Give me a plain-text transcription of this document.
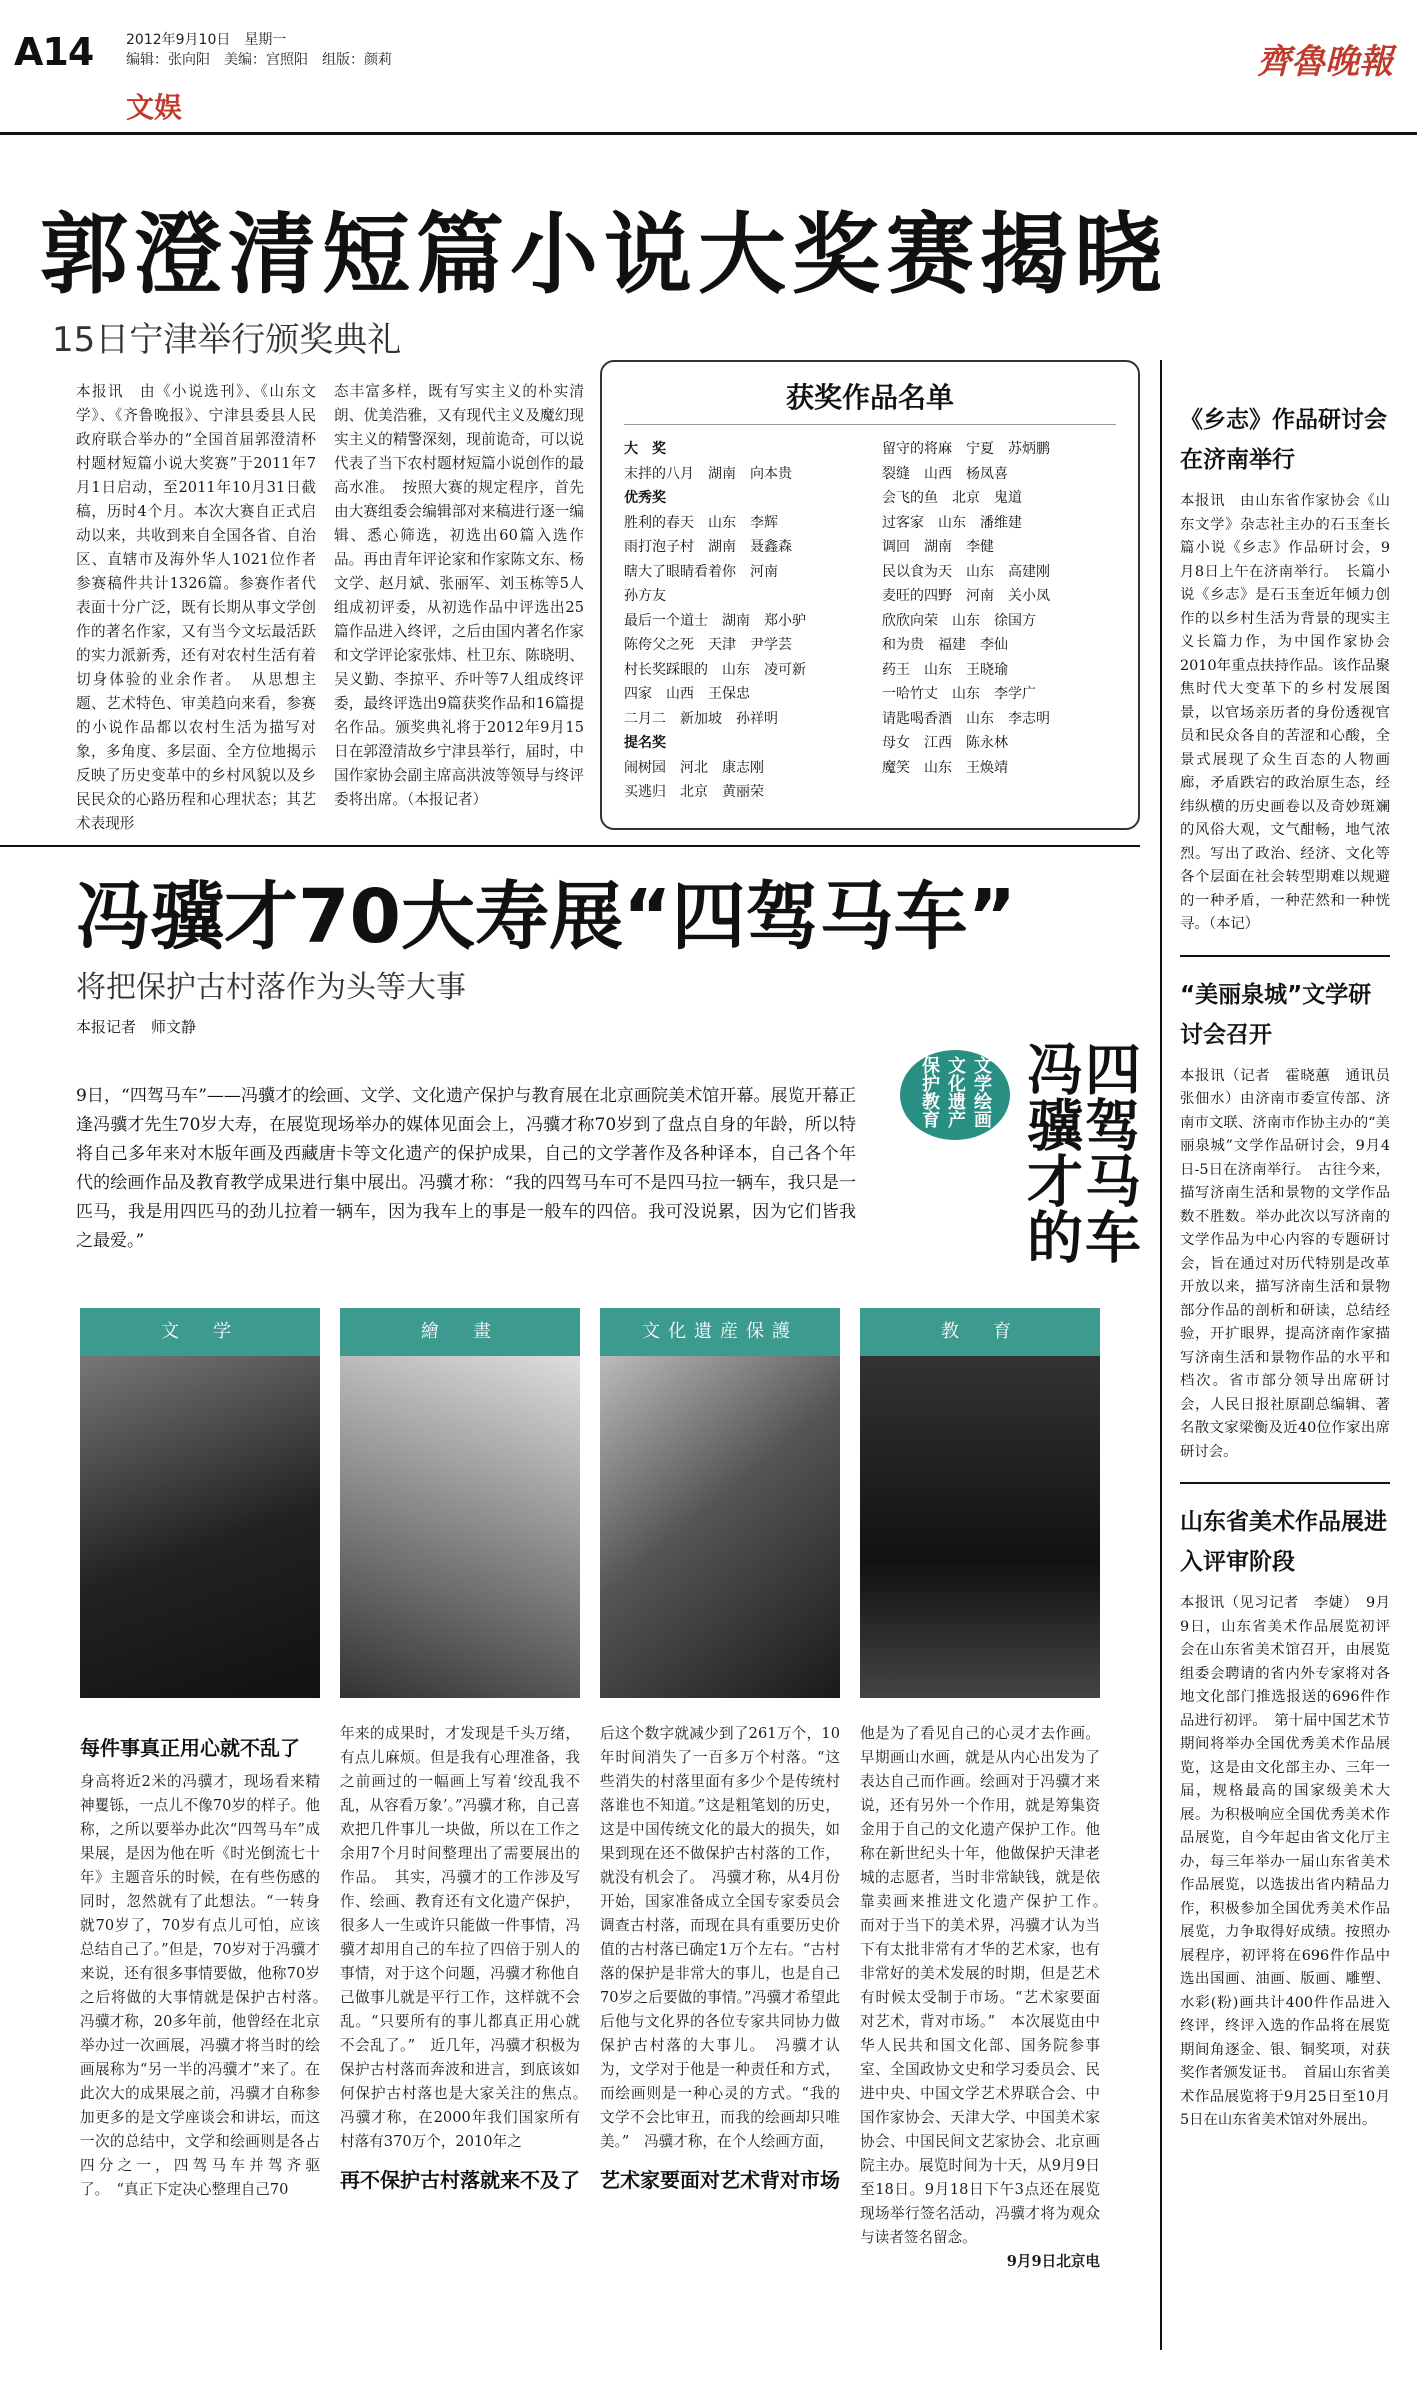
A14 2012年9月10日　星期一
编辑：张向阳　美编：宫照阳　组版：颜莉
文娱
齊魯晚報
郭澄清短篇小说大奖赛揭晓
15日宁津举行颁奖典礼
本报讯　由《小说选刊》、《山东文学》、《齐鲁晚报》、宁津县委县人民政府联合举办的“全国首届郭澄清杯村题材短篇小说大奖赛”于2011年7月1日启动，至2011年10月31日截稿，历时4个月。本次大赛自正式启动以来，共收到来自全国各省、自治区、直辖市及海外华人1021位作者参赛稿件共计1326篇。参赛作者代表面十分广泛，既有长期从事文学创作的著名作家，又有当今文坛最活跃的实力派新秀，还有对农村生活有着切身体验的业余作者。　从思想主题、艺术特色、审美趋向来看，参赛的小说作品都以农村生活为描写对象，多角度、多层面、全方位地揭示反映了历史变革中的乡村风貌以及乡民民众的心路历程和心理状态；其艺术表现形
态丰富多样，既有写实主义的朴实清朗、优美浩雅，又有现代主义及魔幻现实主义的精警深刻，现前诡奇，可以说代表了当下农村题材短篇小说创作的最高水准。　按照大赛的规定程序，首先由大赛组委会编辑部对来稿进行逐一编辑、悉心筛选，初选出60篇入选作品。再由青年评论家和作家陈文东、杨文学、赵月斌、张丽军、刘玉栋等5人组成初评委，从初选作品中评选出25篇作品进入终评，之后由国内著名作家和文学评论家张炜、杜卫东、陈晓明、吴义勤、李掠平、乔叶等7人组成终评委，最终评选出9篇获奖作品和16篇提名作品。颁奖典礼将于2012年9月15日在郭澄清故乡宁津县举行，届时，中国作家协会副主席高洪波等领导与终评委将出席。（本报记者）
获奖作品名单
大　奖
末拌的八月　湖南　向本贵
优秀奖
胜利的春天　山东　李辉
雨打泡子村　湖南　聂鑫森
瞎大了眼睛看着你　河南
孙方友
最后一个道士　湖南　郑小驴
陈侉父之死　天津　尹学芸
村长奖踩眼的　山东　凌可新
四家　山西　王保忠
二月二　新加坡　孙祥明
提名奖
闹树园　河北　康志刚
买逃归　北京　黄丽荣
留守的将麻　宁夏　苏炳鹏
裂缝　山西　杨凤喜
会飞的鱼　北京　鬼道
过客家　山东　潘维建
调回　湖南　李健
民以食为天　山东　高建刚
麦旺的四野　河南　关小凤
欣欣向荣　山东　徐国方
和为贵　福建　李仙
药王　山东　王晓瑜
一哈竹丈　山东　李学广
请匙喝香酒　山东　李志明
母女　江西　陈永林
魔笑　山东　王焕靖
冯骥才70大寿展“四驾马车”
将把保护古村落作为头等大事
本报记者　师文静
9日，“四驾马车”——冯骥才的绘画、文学、文化遗产保护与教育展在北京画院美术馆开幕。展览开幕正逢冯骥才先生70岁大寿，在展览现场举办的媒体见面会上，冯骥才称70岁到了盘点自身的年龄，所以特将自己多年来对木版年画及西藏唐卡等文化遗产的保护成果，自己的文学著作及各种译本，自己各个年代的绘画作品及教育教学成果进行集中展出。冯骥才称：“我的四驾马车可不是四马拉一辆车，我只是一匹马，我是用四匹马的劲儿拉着一辆车，因为我车上的事是一般车的四倍。我可没说累，因为它们皆我之最爱。”
文学绘画文化遗产保护教育	四驾马车 冯骥才的
文　学	繪　畫	文化遺産保護	教　育
每件事真正用心就不乱了
身高将近2米的冯骥才，现场看来精神矍铄，一点儿不像70岁的样子。他称，之所以要举办此次“四驾马车”成果展，是因为他在听《时光倒流七十年》主题音乐的时候，在有些伤感的同时，忽然就有了此想法。“一转身就70岁了，70岁有点儿可怕，应该总结自己了。”但是，70岁对于冯骥才来说，还有很多事情要做，他称70岁之后将做的大事情就是保护古村落。　冯骥才称，20多年前，他曾经在北京举办过一次画展，冯骥才将当时的绘画展称为“另一半的冯骥才”来了。在此次大的成果展之前，冯骥才自称参加更多的是文学座谈会和讲坛，而这一次的总结中，文学和绘画则是各占四分之一，四驾马车并驾齐驱了。　“真正下定决心整理自己70
年来的成果时，才发现是千头万绪，有点儿麻烦。但是我有心理准备，我之前画过的一幅画上写着‘绞乱我不乱，从容看万象’。”冯骥才称，自己喜欢把几件事儿一块做，所以在工作之余用7个月时间整理出了需要展出的作品。　其实，冯骥才的工作涉及写作、绘画、教育还有文化遗产保护，很多人一生或许只能做一件事情，冯骥才却用自己的车拉了四倍于别人的事情，对于这个问题，冯骥才称他自己做事儿就是平行工作，这样就不会乱。“只要所有的事儿都真正用心就不会乱了。”　近几年，冯骥才积极为保护古村落而奔波和进言，到底该如何保护古村落也是大家关注的焦点。　冯骥才称，在2000年我们国家所有村落有370万个，2010年之
再不保护古村落就来不及了
后这个数字就减少到了261万个，10年时间消失了一百多万个村落。“这些消失的村落里面有多少个是传统村落谁也不知道。”这是粗笔划的历史，这是中国传统文化的最大的损失，如果到现在还不做保护古村落的工作，就没有机会了。　冯骥才称，从4月份开始，国家准备成立全国专家委员会调查古村落，而现在具有重要历史价值的古村落已确定1万个左右。“古村落的保护是非常大的事儿，也是自己70岁之后要做的事情。”冯骥才希望此后他与文化界的各位专家共同协力做保护古村落的大事儿。　冯骥才认为，文学对于他是一种责任和方式，而绘画则是一种心灵的方式。“我的文学不会比审丑，而我的绘画却只唯美。”　冯骥才称，在个人绘画方面，
艺术家要面对艺术背对市场
他是为了看见自己的心灵才去作画。早期画山水画，就是从内心出发为了表达自己而作画。绘画对于冯骥才来说，还有另外一个作用，就是筹集资金用于自己的文化遗产保护工作。他称在新世纪头十年，他做保护天津老城的志愿者，当时非常缺钱，就是依靠卖画来推进文化遗产保护工作。　而对于当下的美术界，冯骥才认为当下有太批非常有才华的艺术家，也有非常好的美术发展的时期，但是艺术有时候太受制于市场。“艺术家要面对艺术，背对市场。”　本次展览由中华人民共和国文化部、国务院参事室、全国政协文史和学习委员会、民进中央、中国文学艺术界联合会、中国作家协会、天津大学、中国美术家协会、中国民间文艺家协会、北京画院主办。展览时间为十天，从9月9日至18日。9月18日下午3点还在展览现场举行签名活动，冯骥才将为观众与读者签名留念。
9月9日北京电
《乡志》作品研讨会在济南举行
本报讯　由山东省作家协会《山东文学》杂志社主办的石玉奎长篇小说《乡志》作品研讨会，9月8日上午在济南举行。　长篇小说《乡志》是石玉奎近年倾力创作的以乡村生活为背景的现实主义长篇力作，为中国作家协会2010年重点扶持作品。该作品聚焦时代大变革下的乡村发展图景，以官场亲历者的身份透视官员和民众各自的苦涩和心酸，全景式展现了众生百态的人物画廊，矛盾跌宕的政治原生态，经纬纵横的历史画卷以及奇妙斑斓的风俗大观，文气酣畅，地气浓烈。写出了政治、经济、文化等各个层面在社会转型期难以规避的一种矛盾，一种茫然和一种恍寻。（本记）
“美丽泉城”文学研讨会召开
本报讯（记者　霍晓蕙　通讯员　张佃水）由济南市委宣传部、济南市文联、济南市作协主办的“美丽泉城”文学作品研讨会，9月4日-5日在济南举行。　古往今来，描写济南生活和景物的文学作品数不胜数。举办此次以写济南的文学作品为中心内容的专题研讨会，旨在通过对历代特别是改革开放以来，描写济南生活和景物部分作品的剖析和研读，总结经验，开扩眼界，提高济南作家描写济南生活和景物作品的水平和档次。省市部分领导出席研讨会，人民日报社原副总编辑、著名散文家梁衡及近40位作家出席研讨会。
山东省美术作品展进入评审阶段
本报讯（见习记者　李婕）　9月9日，山东省美术作品展览初评会在山东省美术馆召开，由展览组委会聘请的省内外专家将对各地文化部门推选报送的696件作品进行初评。　第十届中国艺术节期间将举办全国优秀美术作品展览，这是由文化部主办、三年一届，规格最高的国家级美术大展。为积极响应全国优秀美术作品展览，自今年起由省文化厅主办，每三年举办一届山东省美术作品展览，以选拔出省内精品力作，积极参加全国优秀美术作品展览，力争取得好成绩。按照办展程序，初评将在696件作品中选出国画、油画、版画、雕塑、水彩(粉)画共计400件作品进入终评，终评入选的作品将在展览期间角逐金、银、铜奖项，对获奖作者颁发证书。　首届山东省美术作品展览将于9月25日至10月5日在山东省美术馆对外展出。
